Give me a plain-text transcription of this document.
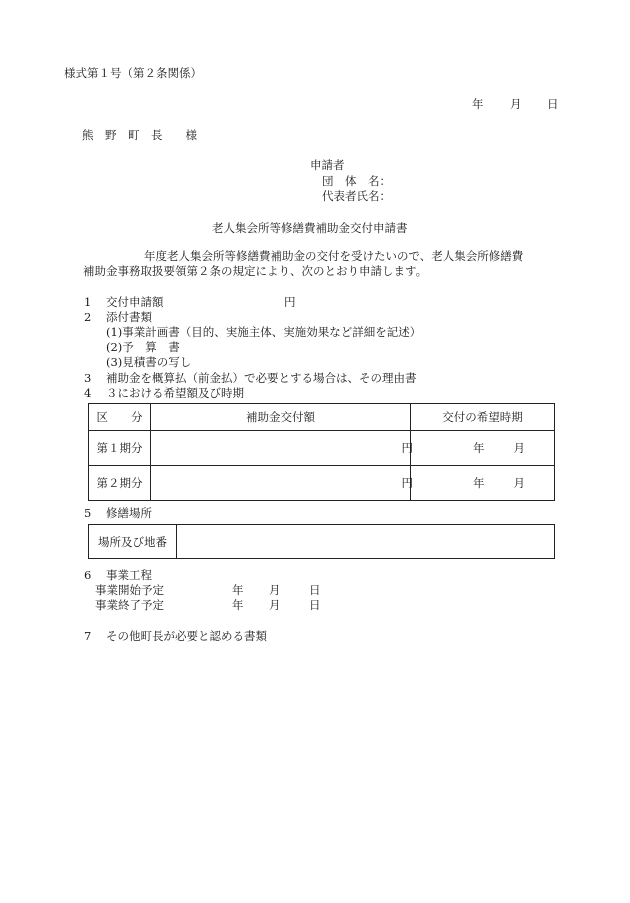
様式第１号（第２条関係）
年 月 日
熊　野　町　長　　様
申請者
団　体　名：
代表者氏名：
老人集会所等修繕費補助金交付申請書
年度老人集会所等修繕費補助金の交付を受けたいので、老人集会所修繕費
補助金事務取扱要領第２条の規定により、次のとおり申請します。
1 交付申請額	円
2 添付書類
(1)事業計画書（目的、実施主体、実施効果など詳細を記述）
(2)予　算　書
(3)見積書の写し
3 補助金を概算払（前金払）で必要とする場合は、その理由書
4 ３における希望額及び時期
区　　分	補助金交付額	交付の希望時期
第１期分	円	年 月
第２期分	円	年 月
5 修繕場所
場所及び地番	
6 事業工程
事業開始予定	年 月 日
事業終了予定	年 月 日
7 その他町長が必要と認める書類
